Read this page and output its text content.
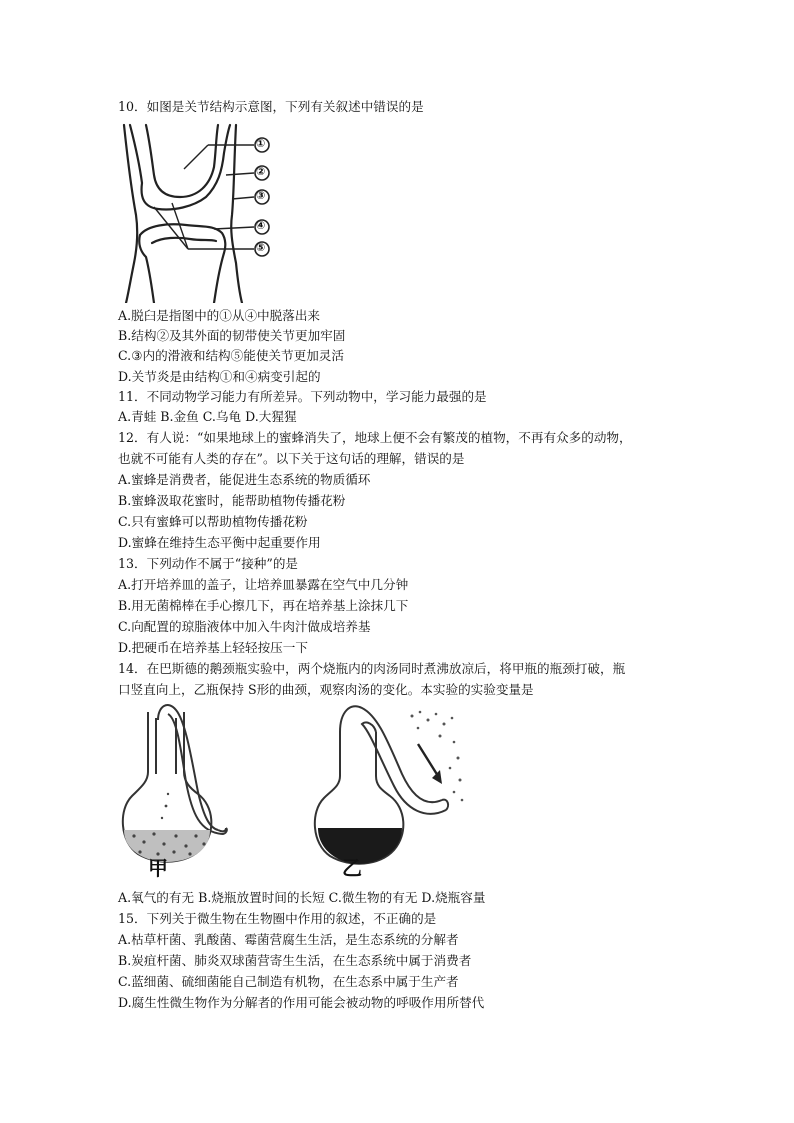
10．如图是关节结构示意图，下列有关叙述中错误的是
①
②
③
④
⑤
A.脱臼是指图中的①从④中脱落出来
B.结构②及其外面的韧带使关节更加牢固
C.③内的滑液和结构⑤能使关节更加灵活
D.关节炎是由结构①和④病变引起的
11．不同动物学习能力有所差异。下列动物中，学习能力最强的是
A.青蛙 B.金鱼 C.乌龟 D.大猩猩
12．有人说：“如果地球上的蜜蜂消失了，地球上便不会有繁茂的植物，不再有众多的动物，
也就不可能有人类的存在”。以下关于这句话的理解，错误的是
A.蜜蜂是消费者，能促进生态系统的物质循环
B.蜜蜂汲取花蜜时，能帮助植物传播花粉
C.只有蜜蜂可以帮助植物传播花粉
D.蜜蜂在维持生态平衡中起重要作用
13．下列动作不属于“接种”的是
A.打开培养皿的盖子，让培养皿暴露在空气中几分钟
B.用无菌棉棒在手心擦几下，再在培养基上涂抹几下
C.向配置的琼脂液体中加入牛肉汁做成培养基
D.把硬币在培养基上轻轻按压一下
14．在巴斯德的鹅颈瓶实验中，两个烧瓶内的肉汤同时煮沸放凉后，将甲瓶的瓶颈打破，瓶
口竖直向上，乙瓶保持 S形的曲颈，观察肉汤的变化。本实验的实验变量是
甲	乙
A.氧气的有无 B.烧瓶放置时间的长短 C.微生物的有无 D.烧瓶容量
15．下列关于微生物在生物圈中作用的叙述，不正确的是
A.枯草杆菌、乳酸菌、霉菌营腐生生活，是生态系统的分解者
B.炭疽杆菌、肺炎双球菌营寄生生活，在生态系统中属于消费者
C.蓝细菌、硫细菌能自己制造有机物，在生态系中属于生产者
D.腐生性微生物作为分解者的作用可能会被动物的呼吸作用所替代
